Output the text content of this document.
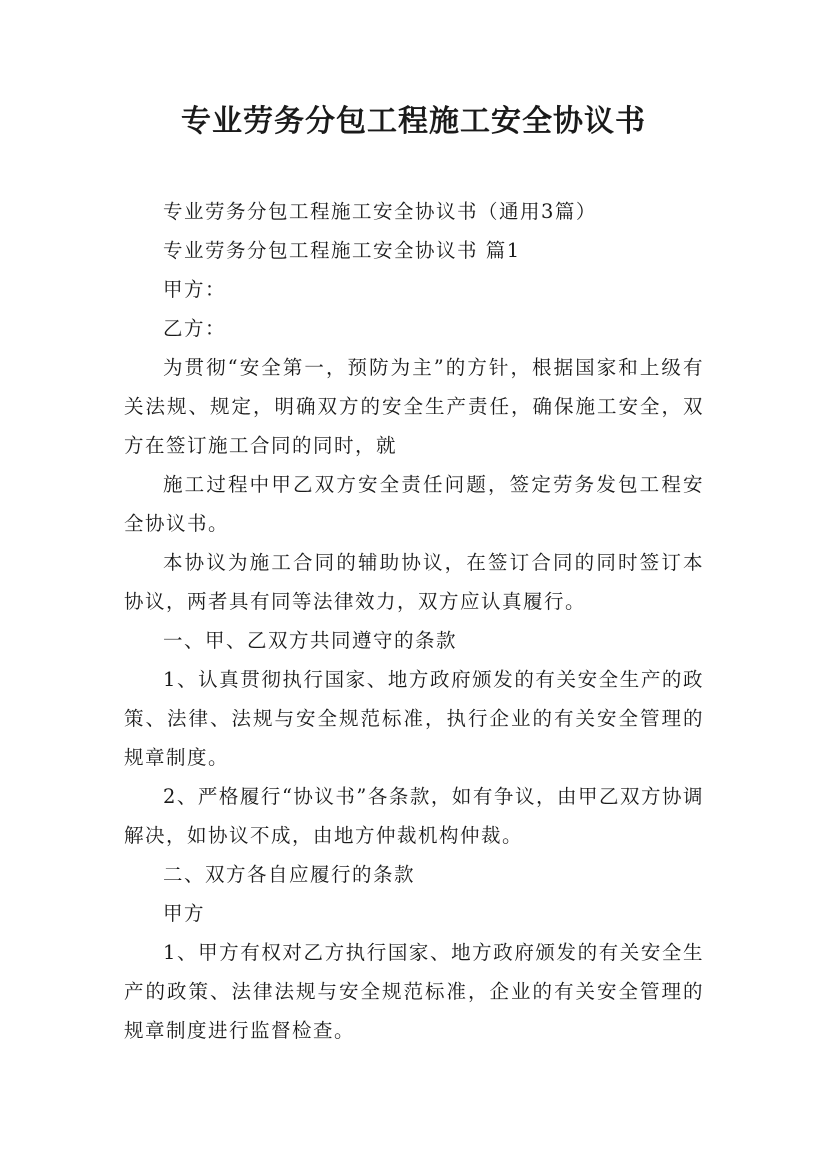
专业劳务分包工程施工安全协议书

专业劳务分包工程施工安全协议书（通用3篇）

专业劳务分包工程施工安全协议书 篇1

甲方：

乙方：

为贯彻“安全第一，预防为主”的方针，根据国家和上级有关法规、规定，明确双方的安全生产责任，确保施工安全，双方在签订施工合同的同时，就

施工过程中甲乙双方安全责任问题，签定劳务发包工程安全协议书。

本协议为施工合同的辅助协议，在签订合同的同时签订本协议，两者具有同等法律效力，双方应认真履行。

一、甲、乙双方共同遵守的条款

1、认真贯彻执行国家、地方政府颁发的有关安全生产的政策、法律、法规与安全规范标准，执行企业的有关安全管理的规章制度。

2、严格履行“协议书”各条款，如有争议，由甲乙双方协调解决，如协议不成，由地方仲裁机构仲裁。

二、双方各自应履行的条款

甲方

1、甲方有权对乙方执行国家、地方政府颁发的有关安全生产的政策、法律法规与安全规范标准，企业的有关安全管理的规章制度进行监督检查。
